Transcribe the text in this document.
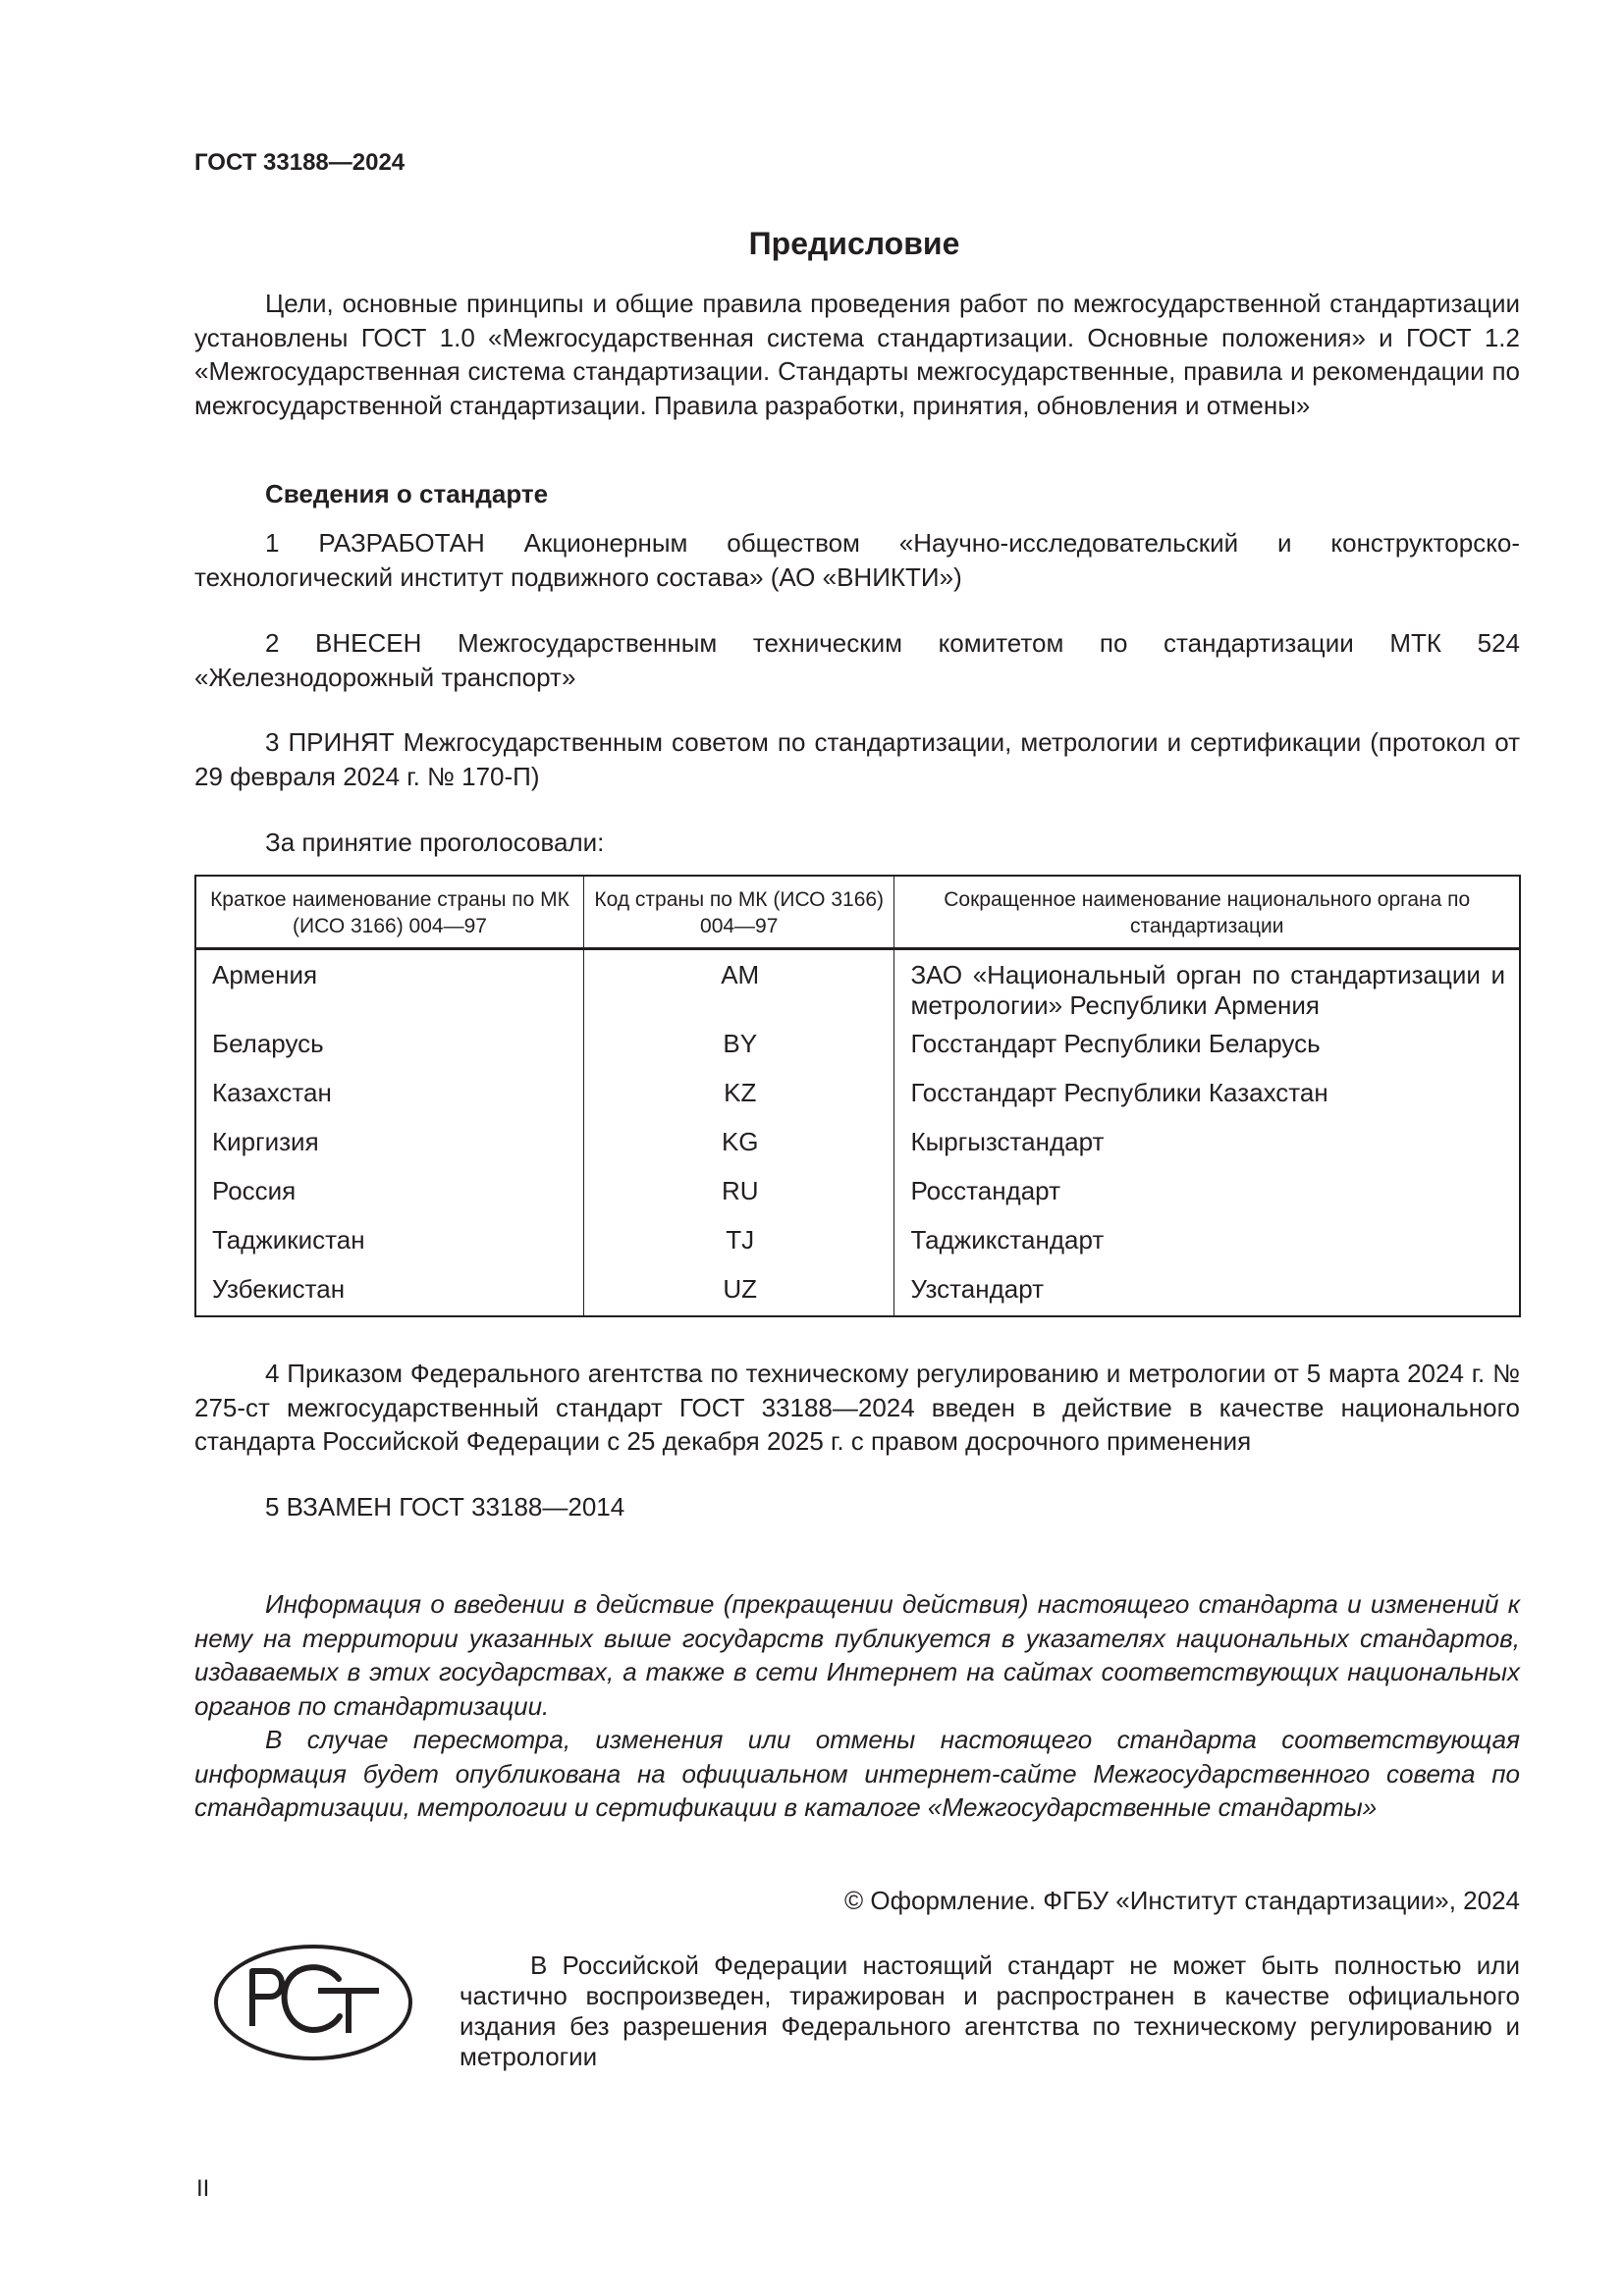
ГОСТ 33188—2024
Предисловие
Цели, основные принципы и общие правила проведения работ по межгосударственной стандартизации установлены ГОСТ 1.0 «Межгосударственная система стандартизации. Основные положения» и ГОСТ 1.2 «Межгосударственная система стандартизации. Стандарты межгосударственные, правила и рекомендации по межгосударственной стандартизации. Правила разработки, принятия, обновления и отмены»
Сведения о стандарте
1 РАЗРАБОТАН Акционерным обществом «Научно-исследовательский и конструкторско-технологический институт подвижного состава» (АО «ВНИКТИ»)
2 ВНЕСЕН Межгосударственным техническим комитетом по стандартизации МТК 524 «Железнодорожный транспорт»
3 ПРИНЯТ Межгосударственным советом по стандартизации, метрологии и сертификации (протокол от 29 февраля 2024 г. № 170-П)
За принятие проголосовали:
Краткое наименование страны по МК (ИСО 3166) 004—97	Код страны по МК (ИСО 3166) 004—97	Сокращенное наименование национального органа по стандартизации
Армения	AM	ЗАО «Национальный орган по стандартизации и метрологии» Республики Армения
Беларусь	BY	Госстандарт Республики Беларусь
Казахстан	KZ	Госстандарт Республики Казахстан
Киргизия	KG	Кыргызстандарт
Россия	RU	Росстандарт
Таджикистан	TJ	Таджикстандарт
Узбекистан	UZ	Узстандарт
4 Приказом Федерального агентства по техническому регулированию и метрологии от 5 марта 2024 г. № 275-ст межгосударственный стандарт ГОСТ 33188—2024 введен в действие в качестве национального стандарта Российской Федерации с 25 декабря 2025 г. с правом досрочного применения
5 ВЗАМЕН ГОСТ 33188—2014
Информация о введении в действие (прекращении действия) настоящего стандарта и изменений к нему на территории указанных выше государств публикуется в указателях национальных стандартов, издаваемых в этих государствах, а также в сети Интернет на сайтах соответствующих национальных органов по стандартизации.
В случае пересмотра, изменения или отмены настоящего стандарта соответствующая информация будет опубликована на официальном интернет-сайте Межгосударственного совета по стандартизации, метрологии и сертификации в каталоге «Межгосударственные стандарты»
© Оформление. ФГБУ «Институт стандартизации», 2024
В Российской Федерации настоящий стандарт не может быть полностью или частично воспроизведен, тиражирован и распространен в качестве официального издания без разрешения Федерального агентства по техническому регулированию и метрологии
II
